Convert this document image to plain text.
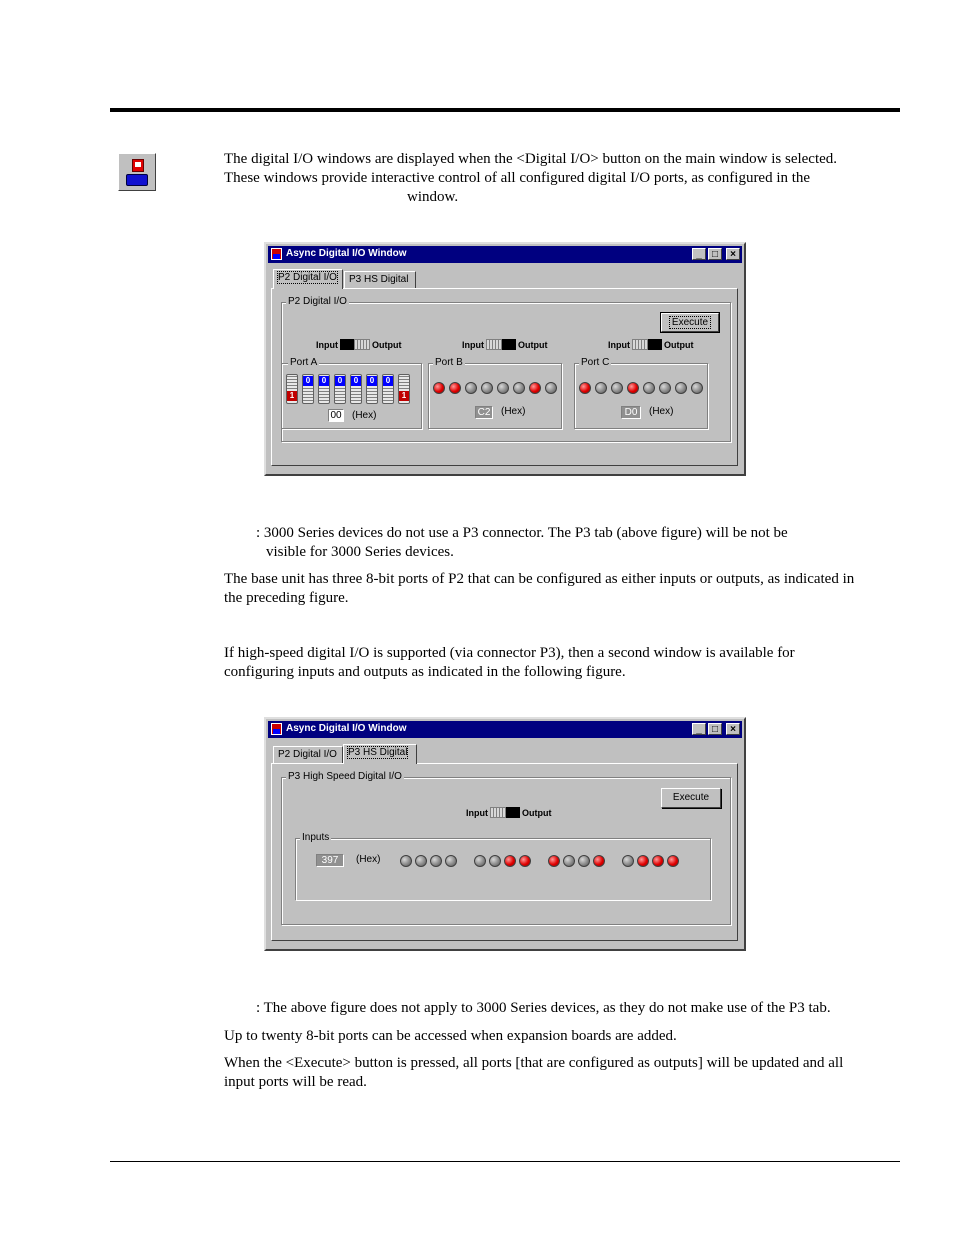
The digital I/O windows are displayed when the <Digital I/O> button on the main window is selected.
These windows provide interactive control of all configured digital I/O ports, as configured in the
window.
Async Digital I/O Window	_	□	×
P2 Digital I/O	P3 HS Digital
P2 Digital I/O
Execute
Input	Output
Port A
1
0	0	0	0	0	0
1
00 (Hex)
Input	Output
Port B
C2 (Hex)
Input	Output
Port C
D0	(Hex)
: 3000 Series devices do not use a P3 connector. The P3 tab (above figure) will be not be
visible for 3000 Series devices.
The base unit has three 8-bit ports of P2 that can be configured as either inputs or outputs, as indicated in
the preceding figure.
If high-speed digital I/O is supported (via connector P3), then a second window is available for
configuring inputs and outputs as indicated in the following figure.
Async Digital I/O Window	_	□	×
P2 Digital I/O	P3 HS Digital
P3 High Speed Digital I/O
Execute
Input	Output
Inputs
397	(Hex)
: The above figure does not apply to 3000 Series devices, as they do not make use of the P3 tab.
Up to twenty 8-bit ports can be accessed when expansion boards are added.
When the <Execute> button is pressed, all ports [that are configured as outputs] will be updated and all
input ports will be read.
